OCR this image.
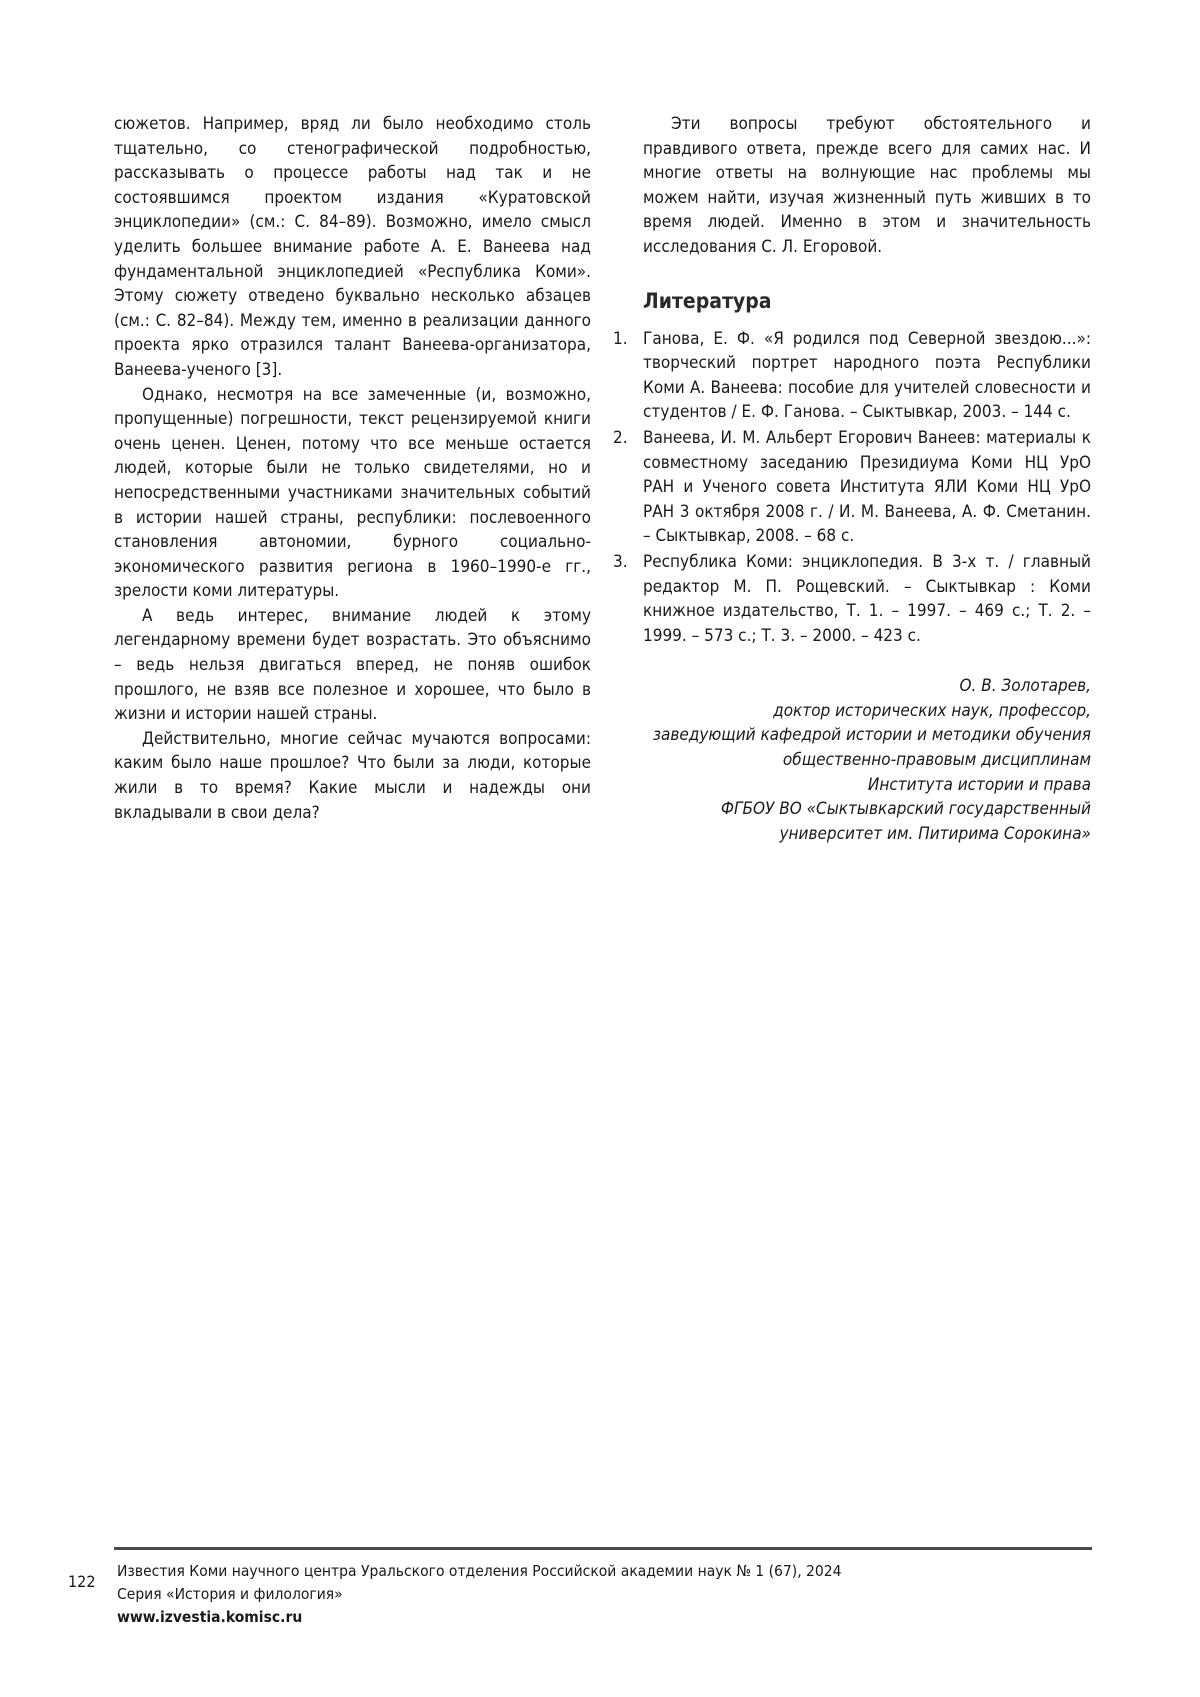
сюжетов. Например, вряд ли было необходимо столь тщательно, со стенографической подробностью, рассказывать о процессе работы над так и не состоявшимся проектом издания «Куратовской энциклопедии» (см.: С. 84–89). Возможно, имело смысл уделить большее внимание работе А. Е. Ванеева над фундаментальной энциклопедией «Республика Коми». Этому сюжету отведено буквально несколько абзацев (см.: С. 82–84). Между тем, именно в реализации данного проекта ярко отразился талант Ванеева-организатора, Ванеева-ученого [3].

Однако, несмотря на все замеченные (и, возможно, пропущенные) погрешности, текст рецензируемой книги очень ценен. Ценен, потому что все меньше остается людей, которые были не только свидетелями, но и непосредственными участниками значительных событий в истории нашей страны, республики: послевоенного становления автономии, бурного социально-экономического развития региона в 1960–1990-е гг., зрелости коми литературы.

А ведь интерес, внимание людей к этому легендарному времени будет возрастать. Это объяснимо – ведь нельзя двигаться вперед, не поняв ошибок прошлого, не взяв все полезное и хорошее, что было в жизни и истории нашей страны.

Действительно, многие сейчас мучаются вопросами: каким было наше прошлое? Что были за люди, которые жили в то время? Какие мысли и надежды они вкладывали в свои дела?

Эти вопросы требуют обстоятельного и правдивого ответа, прежде всего для самих нас. И многие ответы на волнующие нас проблемы мы можем найти, изучая жизненный путь живших в то время людей. Именно в этом и значительность исследования С. Л. Егоровой.

Литература
1. Ганова, Е. Ф. «Я родился под Северной звездою...»: творческий портрет народного поэта Республики Коми А. Ванеева: пособие для учителей словесности и студентов / Е. Ф. Ганова. – Сыктывкар, 2003. – 144 с.
2. Ванеева, И. М. Альберт Егорович Ванеев: материалы к совместному заседанию Президиума Коми НЦ УрО РАН и Ученого совета Института ЯЛИ Коми НЦ УрО РАН 3 октября 2008 г. / И. М. Ванеева, А. Ф. Сметанин. – Сыктывкар, 2008. – 68 с.
3. Республика Коми: энциклопедия. В 3-х т. / главный редактор М. П. Рощевский. – Сыктывкар : Коми книжное издательство, Т. 1. – 1997. – 469 с.; Т. 2. – 1999. – 573 с.; Т. 3. – 2000. – 423 с.
О. В. Золотарев,
доктор исторических наук, профессор,
заведующий кафедрой истории и методики обучения
общественно-правовым дисциплинам
Института истории и права
ФГБОУ ВО «Сыктывкарский государственный
университет им. Питирима Сорокина»
122
Известия Коми научного центра Уральского отделения Российской академии наук № 1 (67), 2024
Серия «История и филология»
www.izvestia.komisc.ru
